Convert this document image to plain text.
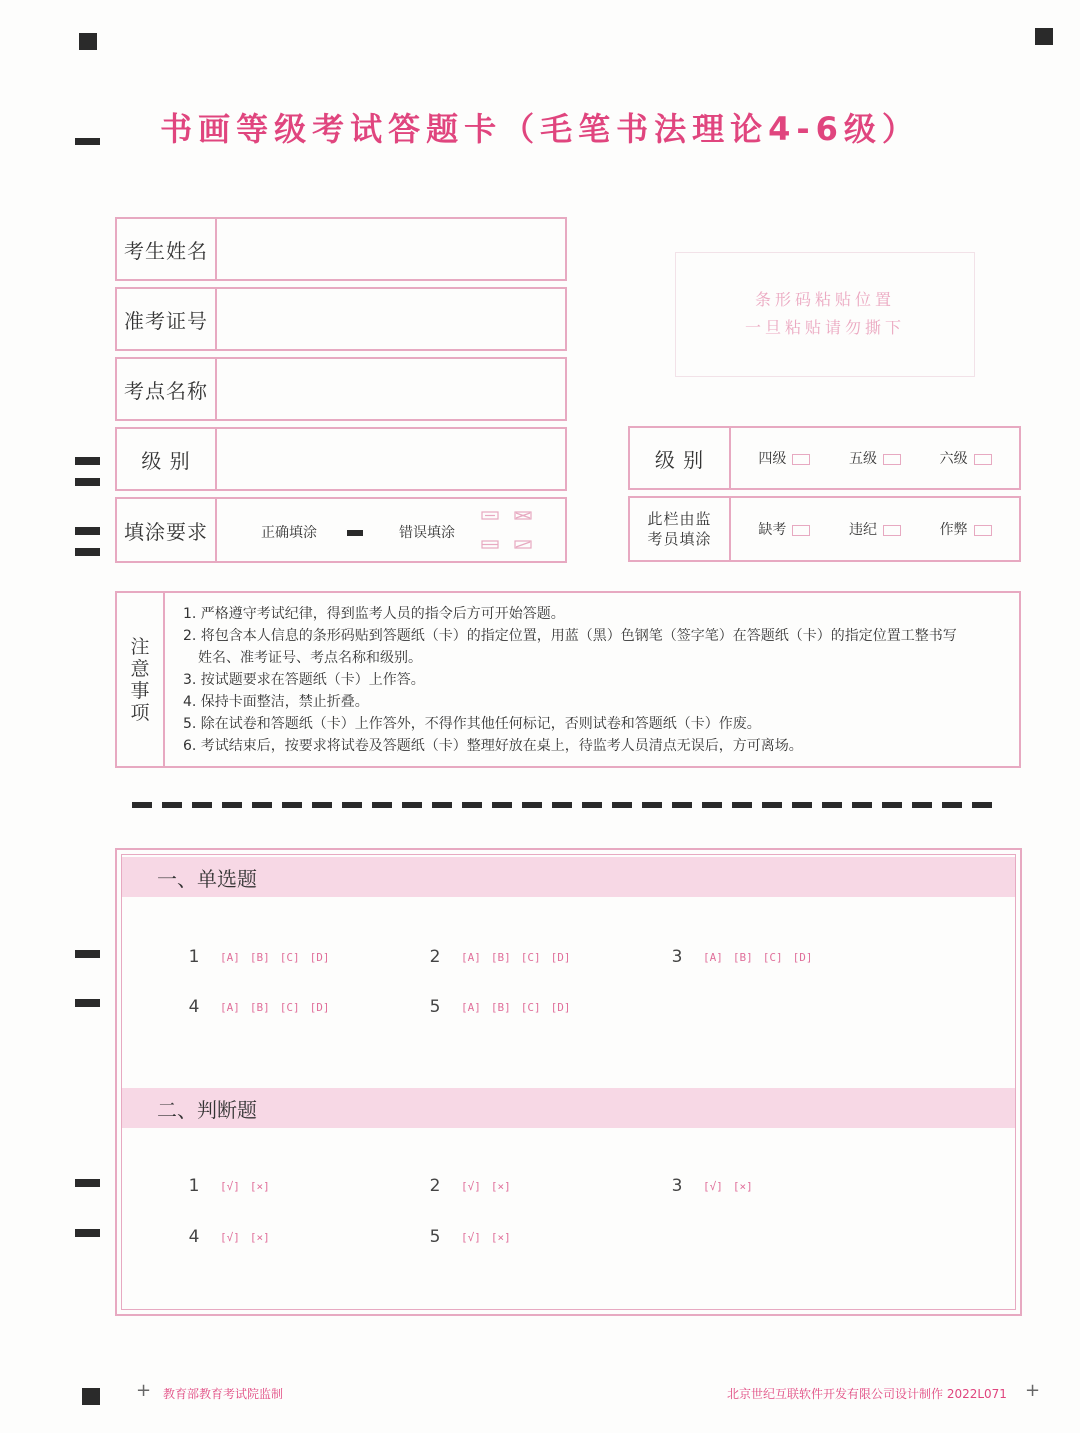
书画等级考试答题卡（毛笔书法理论4-6级）
考生姓名
准考证号
考点名称
级 别
填涂要求	正确填涂	错误填涂
条形码粘贴位置
一旦粘贴请勿撕下
级 别	四级	五级	六级
此栏由监
考员填涂	缺考	违纪	作弊
注
意
事
项
1. 严格遵守考试纪律，得到监考人员的指令后方可开始答题。
2. 将包含本人信息的条形码贴到答题纸（卡）的指定位置，用蓝（黑）色钢笔（签字笔）在答题纸（卡）的指定位置工整书写
姓名、准考证号、考点名称和级别。
3. 按试题要求在答题纸（卡）上作答。
4. 保持卡面整洁，禁止折叠。
5. 除在试卷和答题纸（卡）上作答外，不得作其他任何标记，否则试卷和答题纸（卡）作废。
6. 考试结束后，按要求将试卷及答题纸（卡）整理好放在桌上，待监考人员清点无误后，方可离场。
一、单选题
1	[A] [B] [C] [D]	2	[A] [B] [C] [D]	3	[A] [B] [C] [D]
4	[A] [B] [C] [D]	5	[A] [B] [C] [D]
二、判断题
1	[√] [×]	2	[√] [×]	3	[√] [×]
4	[√] [×]	5	[√] [×]
+ 教育部教育考试院监制	北京世纪互联软件开发有限公司设计制作 2022L071 +
